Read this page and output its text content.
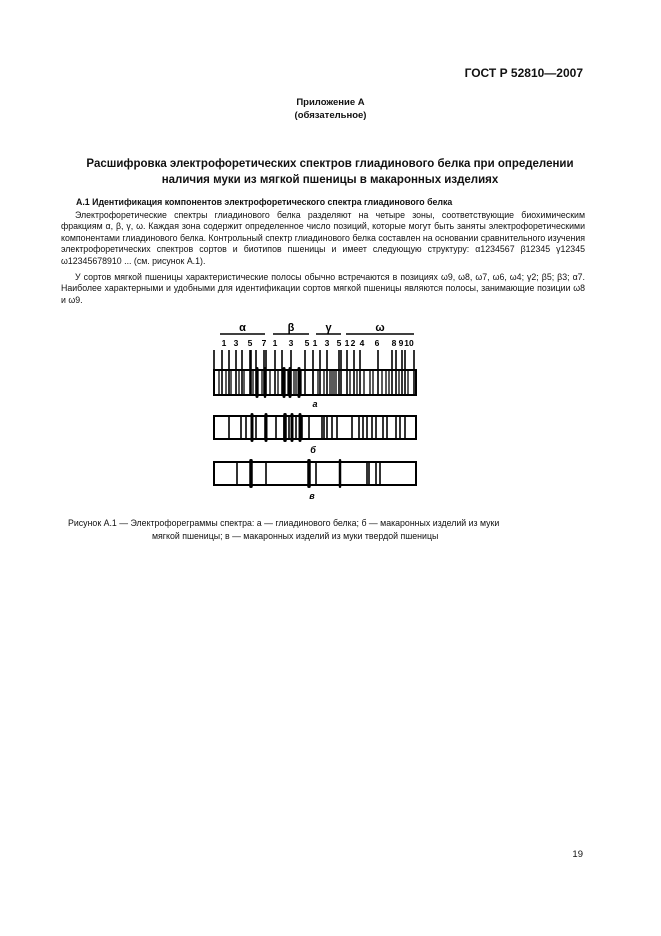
ГОСТ Р 52810—2007
Приложение А
(обязательное)
Расшифровка электрофоретических спектров глиадинового белка при определении
наличия муки из мягкой пшеницы в макаронных изделиях
А.1 Идентификация компонентов электрофоретического спектра глиадинового белка
Электрофоретические спектры глиадинового белка разделяют на четыре зоны, соответствующие биохимическим фракциям α, β, γ, ω. Каждая зона содержит определенное число позиций, которые могут быть заняты электрофоретическими компонентами глиадинового белка. Контрольный спектр глиадинового белка составлен на основании сравнительного изучения электрофоретических спектров сортов и биотипов пшеницы и имеет следующую структуру: α1234567 β12345 γ12345 ω12345678910 ... (см. рисунок А.1).
У сортов мягкой пшеницы характеристические полосы обычно встречаются в позициях ω9, ω8, ω7, ω6, ω4; γ2; β5; β3; α7. Наиболее характерными и удобными для идентификации сортов мягкой пшеницы являются полосы, занимающие позиции ω8 и ω9.
α	β	γ	ω
1 3 5 7 1 3 5 1 3 5 1 2 4 6 8 9 10
а
б
в
Рисунок А.1 — Электрофореграммы спектра: а — глиадинового белка; б — макаронных изделий из муки
мягкой пшеницы; в — макаронных изделий из муки твердой пшеницы
19
